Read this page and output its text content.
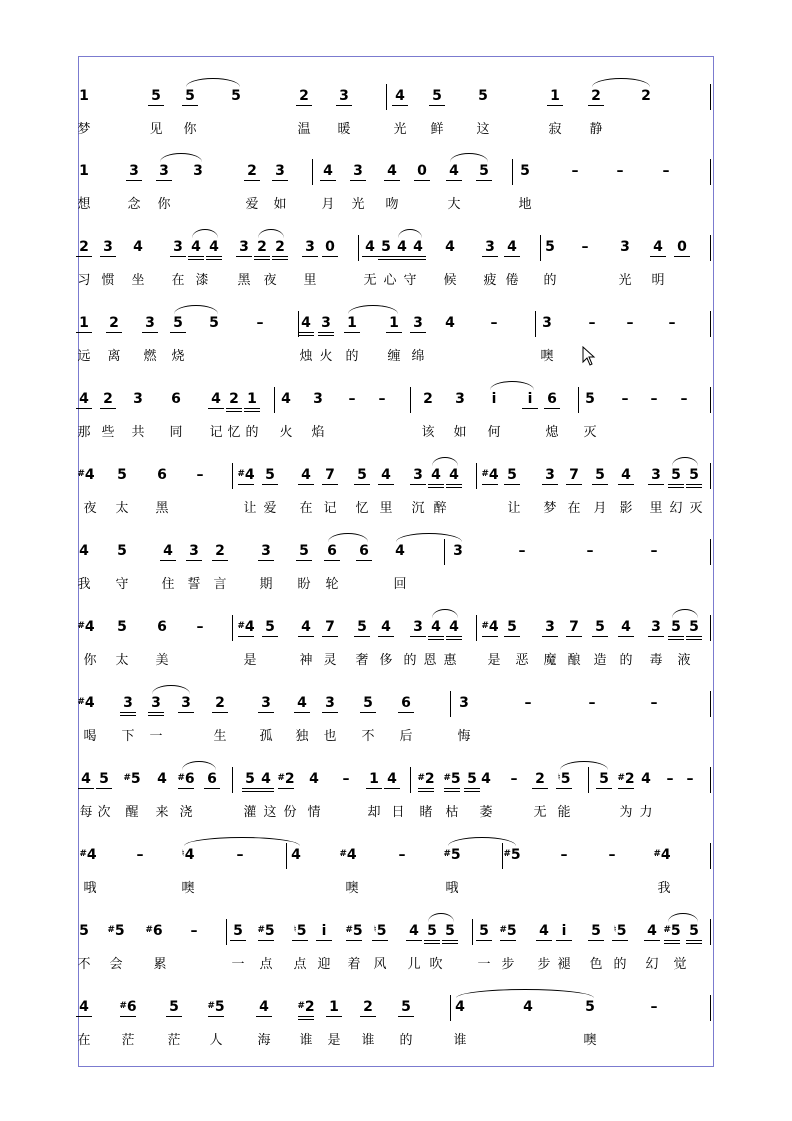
1	5 5	5	2 3	4 5	5	1 2	2
梦	见 你	温 暖	光 鲜	这	寂 静
1	3 3 3	2 3	4 3 4 0 4 5 5	–	–	–
想	念 你	爱 如	月 光 吻	大	地
2 3 4 3 4 4 3 2 2 3 0 4 5 4 4 4 3 4 5 – 3 4 0
习 惯 坐 在 漆 黑 夜 里	无 心 守 候 疲 倦 的	光 明
1 2 3 5 5	–	4 3 1 1 3 4	–	3	– –	–
远 离 燃 烧	烛 火 的 缠 绵	噢
4 2 3 6 4 2 1 4 3 – –	2 3 i̇ i̇ 6 5 – – –
那 些 共 同 记 忆 的 火 焰	该 如 何	熄 灭
#4 5 6 –	#4 5 4 7 5 4 3 4 4 #4 5 3 7 5 4 3 5 5
夜 太 黑	让 爱 在 记 忆 里 沉 醉	让 梦 在 月 影 里 幻 灭
4 5	4 3 2	3 5 6 6 4	3	–	–	–
我 守	住 誓 言	期 盼 轮	回
#4 5 6 –	#4 5 4 7 5 4 3 4 4 #4 5 3 7 5 4 3 5 5
你 太 美	是	神 灵 奢 侈 的 恩 惠 是 恶 魔 酿 造 的 毒 液
#4 3 3 3 2	3 4 3 5 6	3	–	–	–
喝 下 一	生	孤 独 也 不 后	悔
4 5 #5 4 #6 6 5 4 #2 4 – 1 4 #2 #5 5 4 – 2 ♮5 5 #2 4 – –
每 次 醒 来 浇	灌 这 份 情	却 日 睹 枯 萎	无 能	为 力
#4	–	♮4	–	4	#4	–	#5	#5	–	–	#4
哦	噢	噢	哦	我
5 #5 #6 –	5 #5 ♮5 i̇ #5 ♮5 4 5 5 5 #5 4 i̇ 5 ♮5 4 #5 5
不 会 累	一 点 点 迎 着 风 儿 吹	一 步 步 褪 色 的 幻 觉
4	#6 5	#5 4	#2 1 2 5	4	4	5	–
在 茫	茫 人	海 谁 是 谁 的	谁	噢
